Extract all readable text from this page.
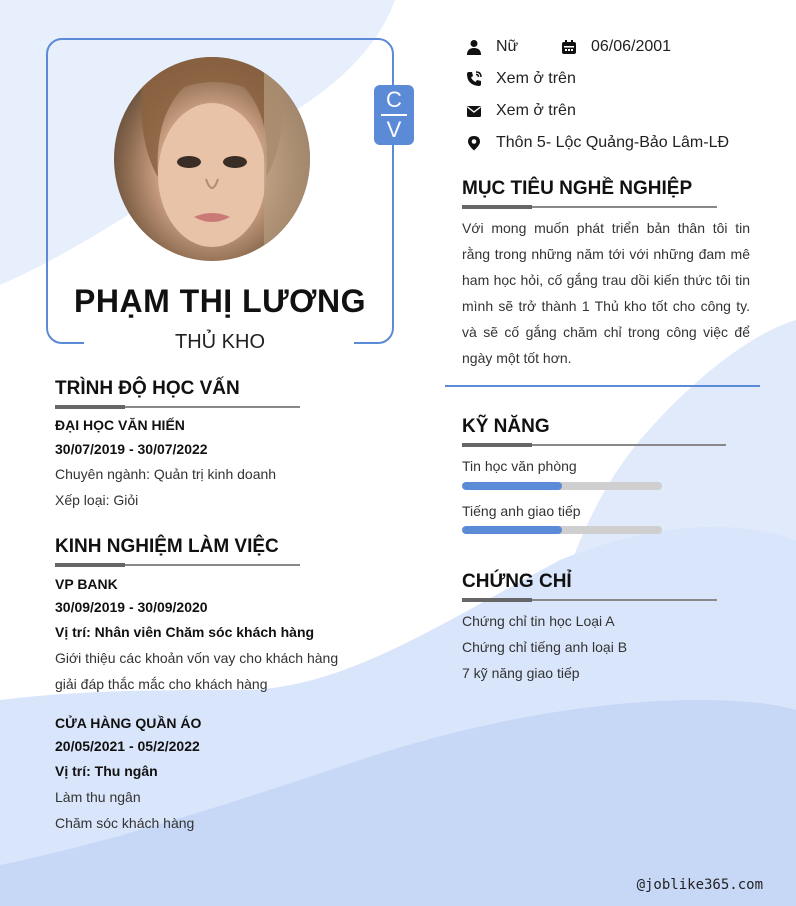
C
V
PHẠM THỊ LƯƠNG
THỦ KHO
Nữ	06/06/2001
Xem ở trên
Xem ở trên
Thôn 5- Lộc Quảng-Bảo Lâm-LĐ
MỤC TIÊU NGHỀ NGHIỆP
Với mong muốn phát triển bản thân tôi tin rằng trong những năm tới với những đam mê ham học hỏi, cố gắng trau dồi kiến thức tôi tin mình sẽ trở thành 1 Thủ kho tốt cho công ty. và sẽ cố gắng chăm chỉ trong công việc để ngày một tốt hơn.
TRÌNH ĐỘ HỌC VẤN
ĐẠI HỌC VĂN HIẾN
30/07/2019 - 30/07/2022
Chuyên ngành: Quản trị kinh doanh
Xếp loại: Giỏi
KINH NGHIỆM LÀM VIỆC
VP BANK
30/09/2019 - 30/09/2020
Vị trí: Nhân viên Chăm sóc khách hàng
Giới thiệu các khoản vốn vay cho khách hàng
giải đáp thắc mắc cho khách hàng
CỬA HÀNG QUẦN ÁO
20/05/2021 - 05/2/2022
Vị trí: Thu ngân
Làm thu ngân
Chăm sóc khách hàng
KỸ NĂNG
Tin học văn phòng
Tiếng anh giao tiếp
CHỨNG CHỈ
Chứng chỉ tin học Loại A
Chứng chỉ tiếng anh loại B
7 kỹ năng giao tiếp
@joblike365.com
